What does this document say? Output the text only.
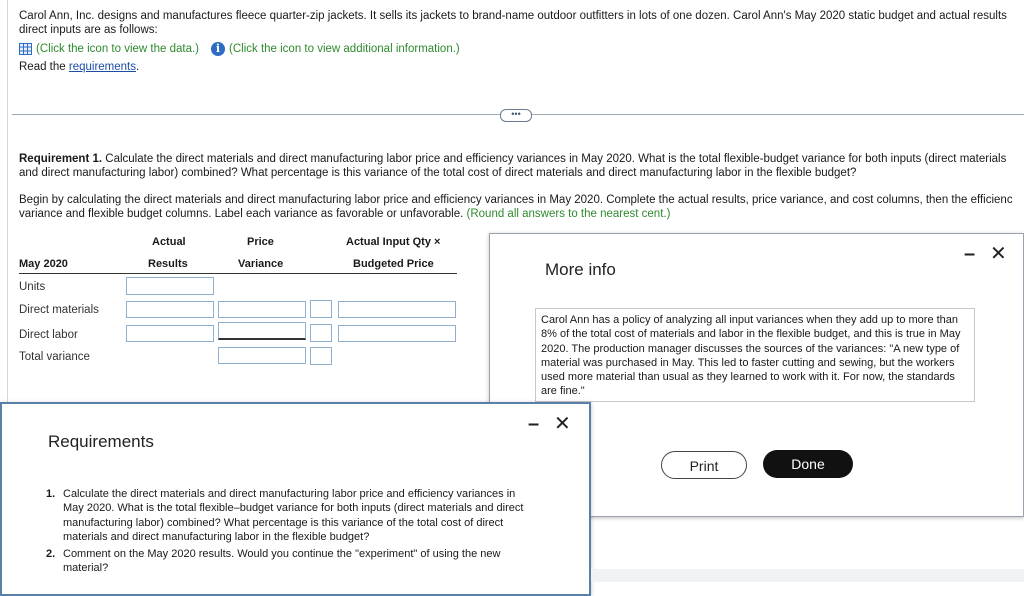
Carol Ann, Inc. designs and manufactures fleece quarter-zip jackets. It sells its jackets to brand-name outdoor outfitters in lots of one dozen. Carol Ann's May 2020 static budget and actual results
direct inputs are as follows:
(Click the icon to view the data.)	i (Click the icon to view additional information.)
Read the requirements.
•••
Requirement 1. Calculate the direct materials and direct manufacturing labor price and efficiency variances in May 2020. What is the total flexible-budget variance for both inputs (direct materials
and direct manufacturing labor) combined? What percentage is this variance of the total cost of direct materials and direct manufacturing labor in the flexible budget?
Begin by calculating the direct materials and direct manufacturing labor price and efficiency variances in May 2020. Complete the actual results, price variance, and cost columns, then the efficienc
variance and flexible budget columns. Label each variance as favorable or unfavorable. (Round all answers to the nearest cent.)
Actual
Results
Price
Variance
Actual Input Qty ×
Budgeted Price
May 2020
Units
Direct materials
Direct labor
Total variance
More info
– ✕
Carol Ann has a policy of analyzing all input variances when they add up to more than 8% of the total cost of materials and labor in the flexible budget, and this is true in May 2020. The production manager discusses the sources of the variances: "A new type of material was purchased in May. This led to faster cutting and sewing, but the workers used more material than usual as they learned to work with it. For now, the standards are fine."
Print	Done
Requirements
– ✕
1. Calculate the direct materials and direct manufacturing labor price and efficiency variances in May 2020. What is the total flexible–budget variance for both inputs (direct materials and direct manufacturing labor) combined? What percentage is this variance of the total cost of direct materials and direct manufacturing labor in the flexible budget?
2. Comment on the May 2020 results. Would you continue the "experiment" of using the new material?
